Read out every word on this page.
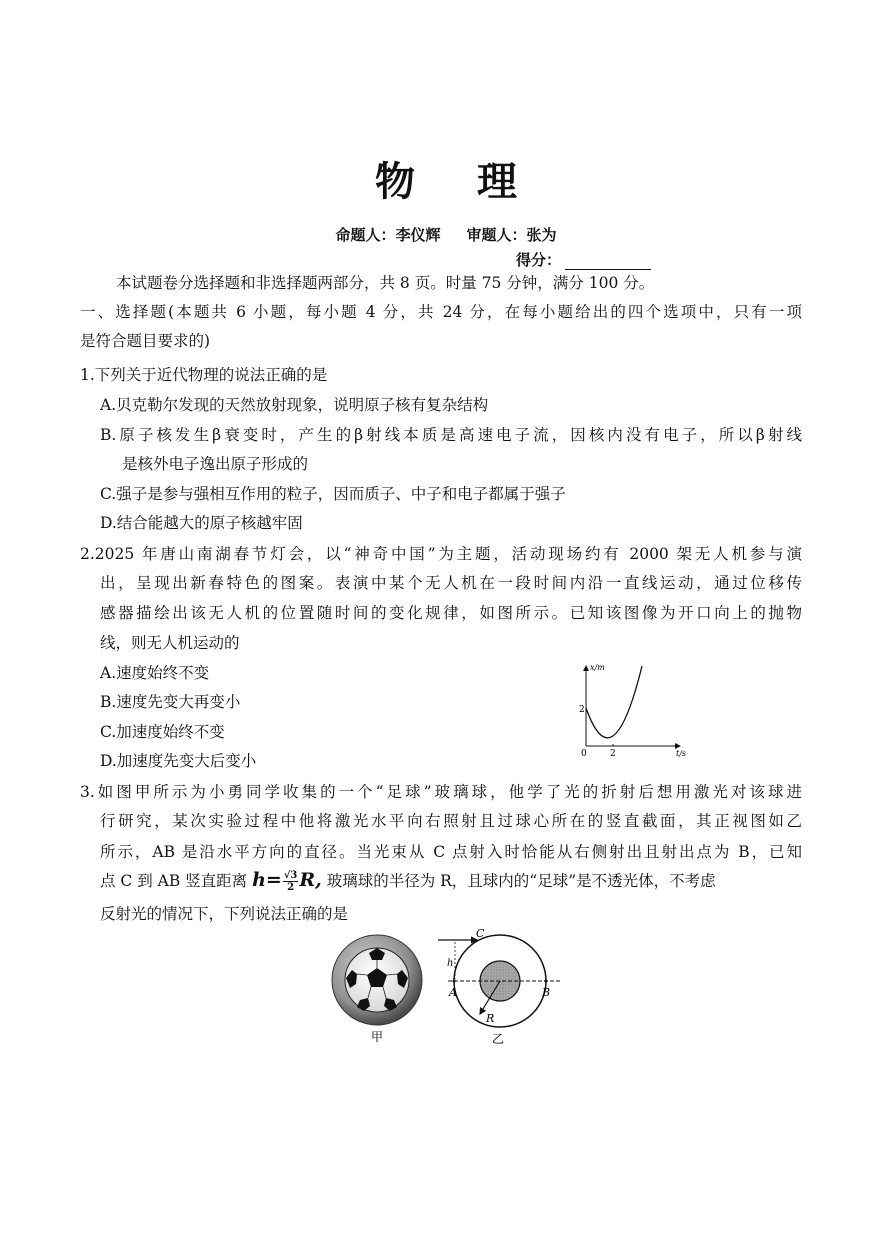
物 理
命题人：李仪辉 审题人：张为
得分：
本试题卷分选择题和非选择题两部分，共 8 页。时量 75 分钟，满分 100 分。
一、选择题(本题共 6 小题，每小题 4 分，共 24 分，在每小题给出的四个选项中，只有一项
是符合题目要求的)
1.下列关于近代物理的说法正确的是
A.贝克勒尔发现的天然放射现象，说明原子核有复杂结构
B.原子核发生β衰变时，产生的β射线本质是高速电子流，因核内没有电子，所以β射线
是核外电子逸出原子形成的
C.强子是参与强相互作用的粒子，因而质子、中子和电子都属于强子
D.结合能越大的原子核越牢固
2.2025 年唐山南湖春节灯会，以“神奇中国”为主题，活动现场约有 2000 架无人机参与演
出，呈现出新春特色的图案。表演中某个无人机在一段时间内沿一直线运动，通过位移传
感器描绘出该无人机的位置随时间的变化规律，如图所示。已知该图像为开口向上的抛物
线，则无人机运动的
A.速度始终不变
B.速度先变大再变小
C.加速度始终不变
D.加速度先变大后变小
x/m
t/s
2
0	2
3.如图甲所示为小勇同学收集的一个“足球”玻璃球，他学了光的折射后想用激光对该球进
行研究，某次实验过程中他将激光水平向右照射且过球心所在的竖直截面，其正视图如乙
所示，AB 是沿水平方向的直径。当光束从 C 点射入时恰能从右侧射出且射出点为 B，已知
点 C 到 AB 竖直距离 $h= \frac{√3}{2}R$, 玻璃球的半径为 R，且球内的“足球”是不透光体，不考虑
反射光的情况下，下列说法正确的是
甲
C
h
A	B
R
乙
